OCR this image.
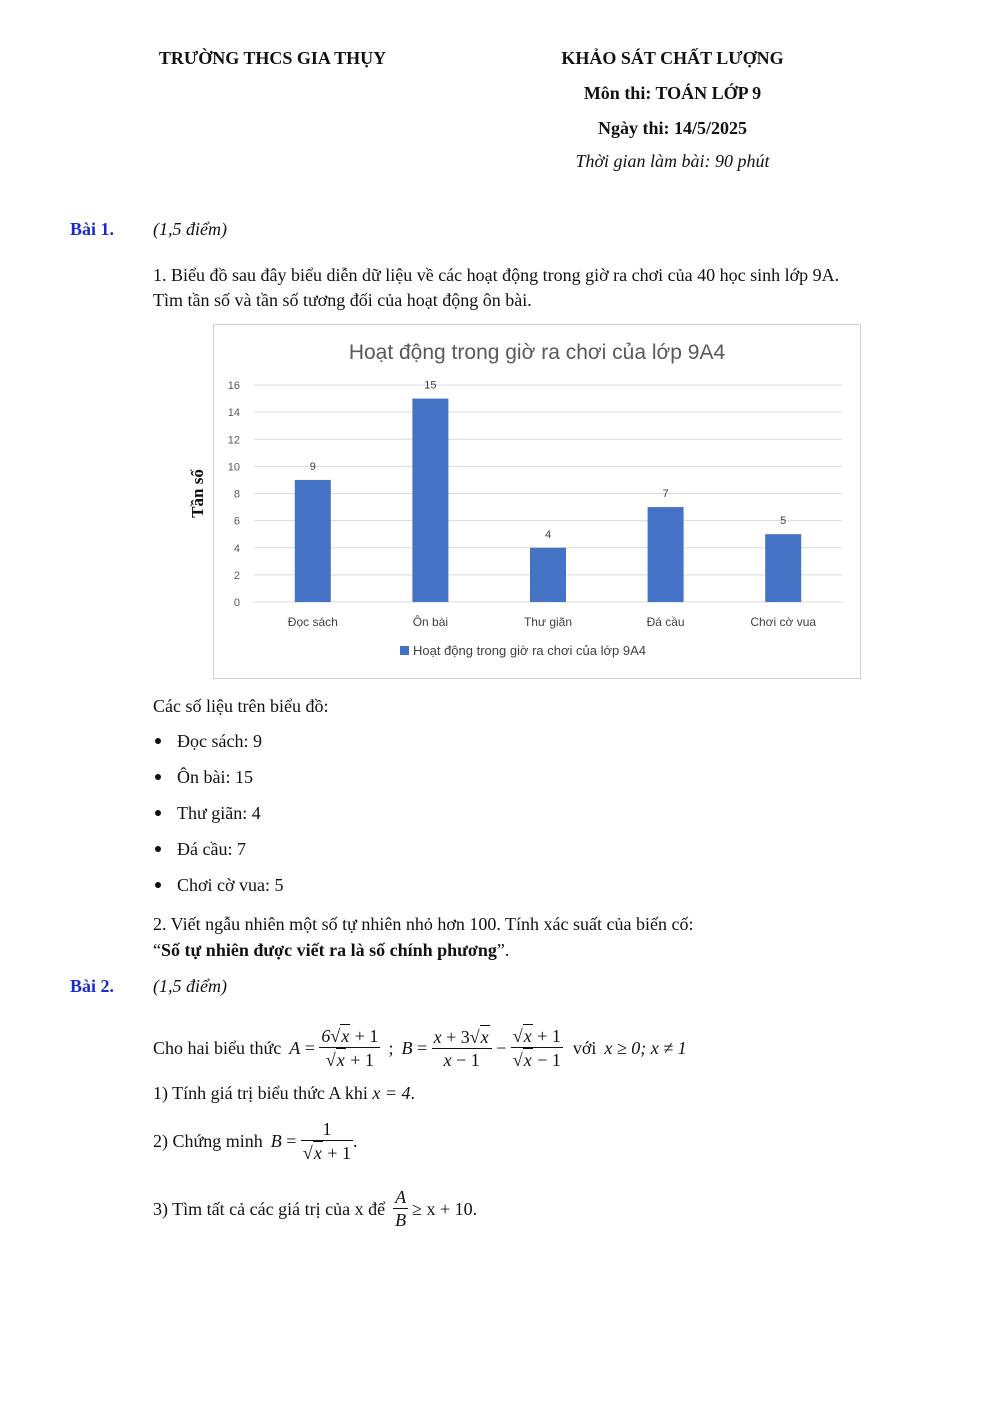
TRƯỜNG THCS GIA THỤY	KHẢO SÁT CHẤT LƯỢNG
Môn thi: TOÁN LỚP 9
Ngày thi: 14/5/2025
Thời gian làm bài: 90 phút
Bài 1. (1,5 điểm)
1. Biểu đồ sau đây biểu diễn dữ liệu về các hoạt động trong giờ ra chơi của 40 học sinh lớp 9A.
Tìm tần số và tần số tương đối của hoạt động ôn bài.
Hoạt động trong giờ ra chơi của lớp 9A4
0
2
4
6
8
10
12
14
16
Tần số
9
Đọc sách
15
Ôn bài
4
Thư giãn
7
Đá cầu
5
Chơi cờ vua
Hoạt động trong giờ ra chơi của lớp 9A4
Các số liệu trên biểu đồ:
Đọc sách: 9
Ôn bài: 15
Thư giãn: 4
Đá cầu: 7
Chơi cờ vua: 5
2. Viết ngẫu nhiên một số tự nhiên nhỏ hơn 100. Tính xác suất của biến cố:
“Số tự nhiên được viết ra là số chính phương”.
Bài 2. (1,5 điểm)
Cho hai biểu thức $A = \frac{6√x + 1}{√x + 1}$ ; $B = \frac{x + 3√x}{x - 1} - \frac{√x + 1}{√x - 1}$ với x ≥ 0; x ≠ 1
1) Tính giá trị biểu thức A khi x = 4.
2) Chứng minh $B = \frac{1}{√x + 1}$ .
3) Tìm tất cả các giá trị của x để $\frac{A}{B} \ge x + 10$ .
